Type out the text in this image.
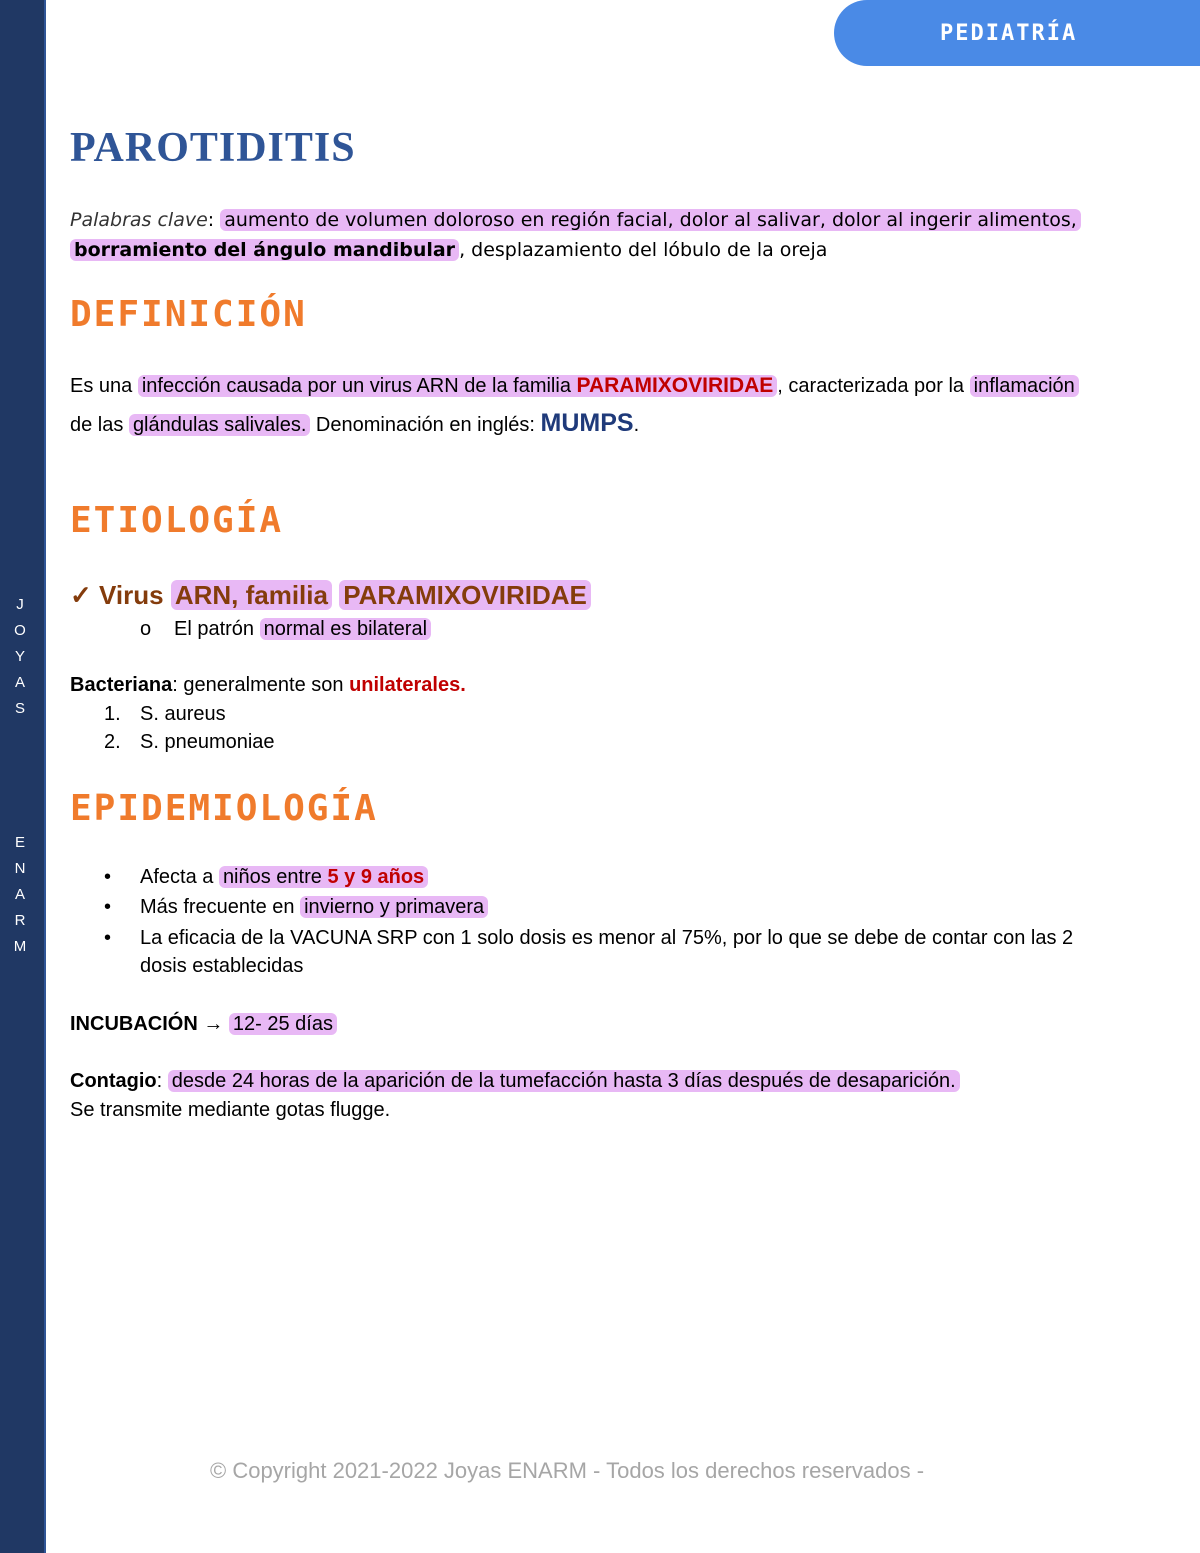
J
O
Y
A
S
E
N
A
R
M
PEDIATRÍA
PAROTIDITIS
Palabras clave: aumento de volumen doloroso en región facial, dolor al salivar, dolor al ingerir alimentos,
borramiento del ángulo mandibular , desplazamiento del lóbulo de la oreja
DEFINICIÓN
Es una infección causada por un virus ARN de la familia PARAMIXOVIRIDAE , caracterizada por la inflamación
de las glándulas salivales. Denominación en inglés: MUMPS.
ETIOLOGÍA
✓ Virus ARN, familia PARAMIXOVIRIDAE
o El patrón normal es bilateral
Bacteriana: generalmente son unilaterales.
1. S. aureus
2. S. pneumoniae
EPIDEMIOLOGÍA
• Afecta a niños entre 5 y 9 años
• Más frecuente en invierno y primavera
• La eficacia de la VACUNA SRP con 1 solo dosis es menor al 75%, por lo que se debe de contar con las 2
dosis establecidas
INCUBACIÓN → 12- 25 días
Contagio: desde 24 horas de la aparición de la tumefacción hasta 3 días después de desaparición.
Se transmite mediante gotas flugge.
© Copyright 2021-2022 Joyas ENARM - Todos los derechos reservados -
